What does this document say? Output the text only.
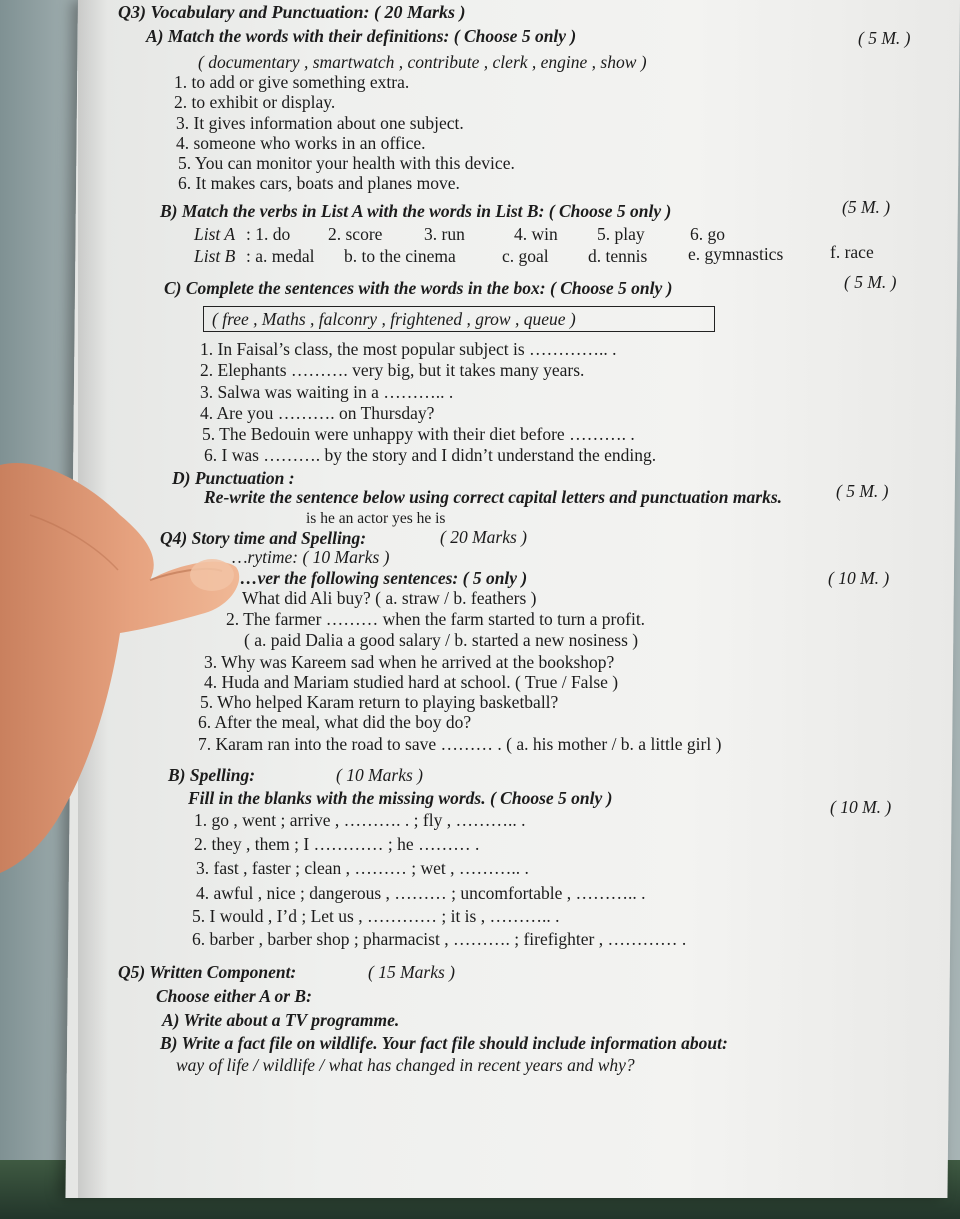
Q3) Vocabulary and Punctuation: ( 20 Marks )
A) Match the words with their definitions: ( Choose 5 only )	( 5 M. )
( documentary , smartwatch , contribute , clerk , engine , show )
1. to add or give something extra.
2. to exhibit or display.
3. It gives information about one subject.
4. someone who works in an office.
5. You can monitor your health with this device.
6. It makes cars, boats and planes move.
B) Match the verbs in List A with the words in List B: ( Choose 5 only )	(5 M. )
List A : 1. do 2. score 3. run	4. win 5. play	6. go
List B : a. medal b. to the cinema	c. goal d. tennis e. gymnastics	f. race
C) Complete the sentences with the words in the box: ( Choose 5 only )	( 5 M. )
( free , Maths , falconry , frightened , grow , queue )
1. In Faisal’s class, the most popular subject is ………….. .
2. Elephants ………. very big, but it takes many years.
3. Salwa was waiting in a ……….. .
4. Are you ………. on Thursday?
5. The Bedouin were unhappy with their diet before ………. .
6. I was ………. by the story and I didn’t understand the ending.
D) Punctuation :
Re-write the sentence below using correct capital letters and punctuation marks.	( 5 M. )
is he an actor yes he is
Q4) Story time and Spelling:	( 20 Marks )
…rytime: ( 10 Marks )
…ver the following sentences: ( 5 only )	( 10 M. )
What did Ali buy? ( a. straw / b. feathers )
2. The farmer ……… when the farm started to turn a profit.
( a. paid Dalia a good salary / b. started a new nosiness )
3. Why was Kareem sad when he arrived at the bookshop?
4. Huda and Mariam studied hard at school. ( True / False )
5. Who helped Karam return to playing basketball?
6. After the meal, what did the boy do?
7. Karam ran into the road to save ……… . ( a. his mother / b. a little girl )
B) Spelling:	( 10 Marks )
Fill in the blanks with the missing words. ( Choose 5 only )	( 10 M. )
1. go , went ; arrive , ………. . ; fly , ……….. .
2. they , them ; I ………… ; he ……… .
3. fast , faster ; clean , ……… ; wet , ……….. .
4. awful , nice ; dangerous , ……… ; uncomfortable , ……….. .
5. I would , I’d ; Let us , ………… ; it is , ……….. .
6. barber , barber shop ; pharmacist , ………. ; firefighter , ………… .
Q5) Written Component:	( 15 Marks )
Choose either A or B:
A) Write about a TV programme.
B) Write a fact file on wildlife. Your fact file should include information about:
way of life / wildlife / what has changed in recent years and why?
